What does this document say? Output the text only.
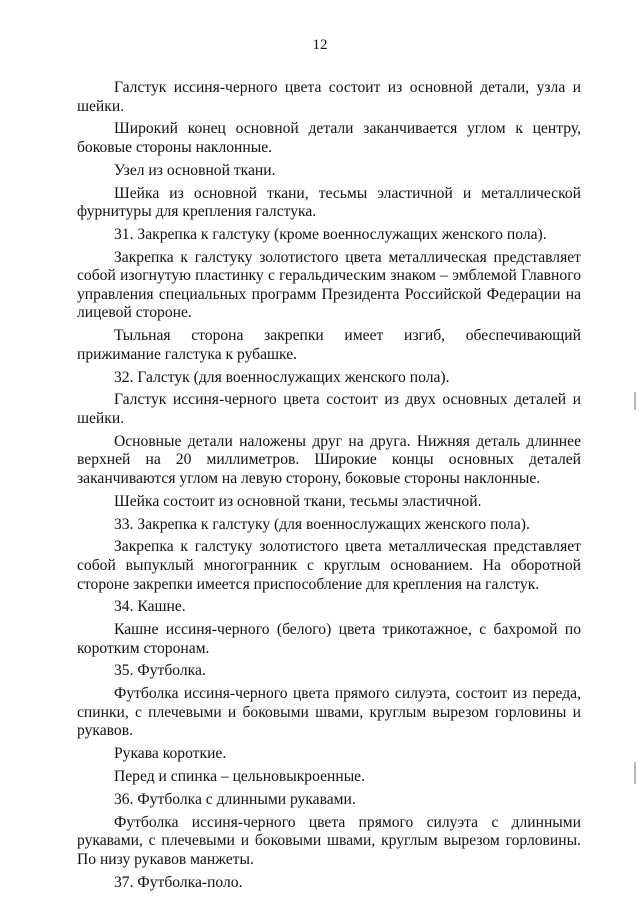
12

Галстук иссиня-черного цвета состоит из основной детали, узла и шейки.

Широкий конец основной детали заканчивается углом к центру, боковые стороны наклонные.

Узел из основной ткани.

Шейка из основной ткани, тесьмы эластичной и металлической фурнитуры для крепления галстука.

31. Закрепка к галстуку (кроме военнослужащих женского пола).

Закрепка к галстуку золотистого цвета металлическая представляет собой изогнутую пластинку с геральдическим знаком – эмблемой Главного управления специальных программ Президента Российской Федерации на лицевой стороне.

Тыльная сторона закрепки имеет изгиб, обеспечивающий прижимание галстука к рубашке.

32. Галстук (для военнослужащих женского пола).

Галстук иссиня-черного цвета состоит из двух основных деталей и шейки.

Основные детали наложены друг на друга. Нижняя деталь длиннее верхней на 20 миллиметров. Широкие концы основных деталей заканчиваются углом на левую сторону, боковые стороны наклонные.

Шейка состоит из основной ткани, тесьмы эластичной.

33. Закрепка к галстуку (для военнослужащих женского пола).

Закрепка к галстуку золотистого цвета металлическая представляет собой выпуклый многогранник с круглым основанием. На оборотной стороне закрепки имеется приспособление для крепления на галстук.

34. Кашне.

Кашне иссиня-черного (белого) цвета трикотажное, с бахромой по коротким сторонам.

35. Футболка.

Футболка иссиня-черного цвета прямого силуэта, состоит из переда, спинки, с плечевыми и боковыми швами, круглым вырезом горловины и рукавов.

Рукава короткие.

Перед и спинка – цельновыкроенные.

36. Футболка с длинными рукавами.

Футболка иссиня-черного цвета прямого силуэта с длинными рукавами, с плечевыми и боковыми швами, круглым вырезом горловины. По низу рукавов манжеты.

37. Футболка-поло.
